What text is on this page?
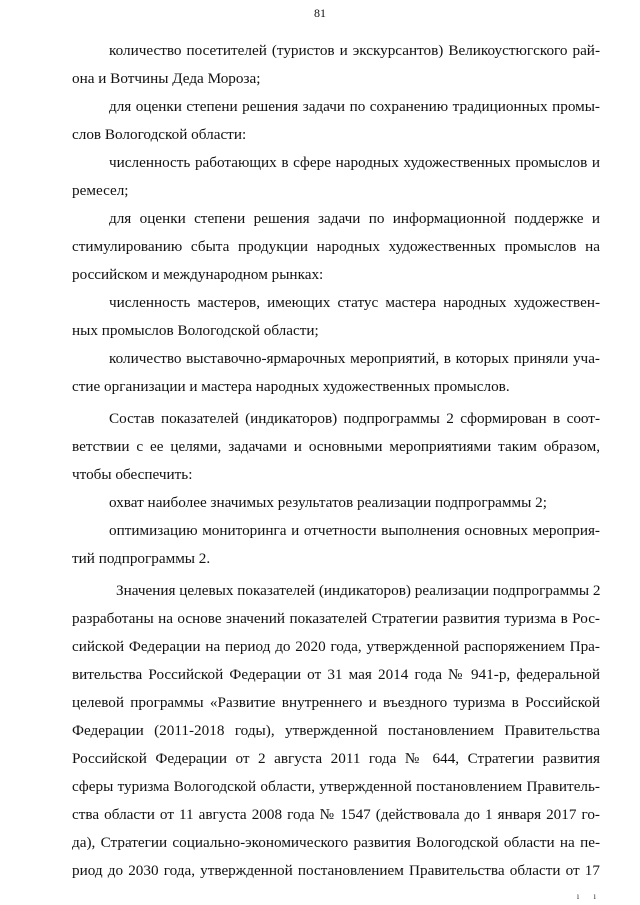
81
количество посетителей (туристов и экскурсантов) Великоустюгского рай-
она и Вотчины Деда Мороза;
для оценки степени решения задачи по сохранению традиционных промы-
слов Вологодской области:
численность работающих в сфере народных художественных промыслов и
ремесел;
для оценки степени решения задачи по информационной поддержке и
стимулированию сбыта продукции народных художественных промыслов на
российском и международном рынках:
численность мастеров, имеющих статус мастера народных художествен-
ных промыслов Вологодской области;
количество выставочно-ярмарочных мероприятий, в которых приняли уча-
стие организации и мастера народных художественных промыслов.
Состав показателей (индикаторов) подпрограммы 2 сформирован в соот-
ветствии с ее целями, задачами и основными мероприятиями таким образом,
чтобы обеспечить:
охват наиболее значимых результатов реализации подпрограммы 2;
оптимизацию мониторинга и отчетности выполнения основных мероприя-
тий подпрограммы 2.
Значения целевых показателей (индикаторов) реализации подпрограммы 2
разработаны на основе значений показателей Стратегии развития туризма в Рос-
сийской Федерации на период до 2020 года, утвержденной распоряжением Пра-
вительства Российской Федерации от 31 мая 2014 года № 941-р, федеральной
целевой программы «Развитие внутреннего и въездного туризма в Российской
Федерации (2011-2018 годы), утвержденной постановлением Правительства
Российской Федерации от 2 августа 2011 года № 644, Стратегии развития
сферы туризма Вологодской области, утвержденной постановлением Правитель-
ства области от 11 августа 2008 года № 1547 (действовала до 1 января 2017 го-
да), Стратегии социально-экономического развития Вологодской области на пе-
риод до 2030 года, утвержденной постановлением Правительства области от 17
ı ı
